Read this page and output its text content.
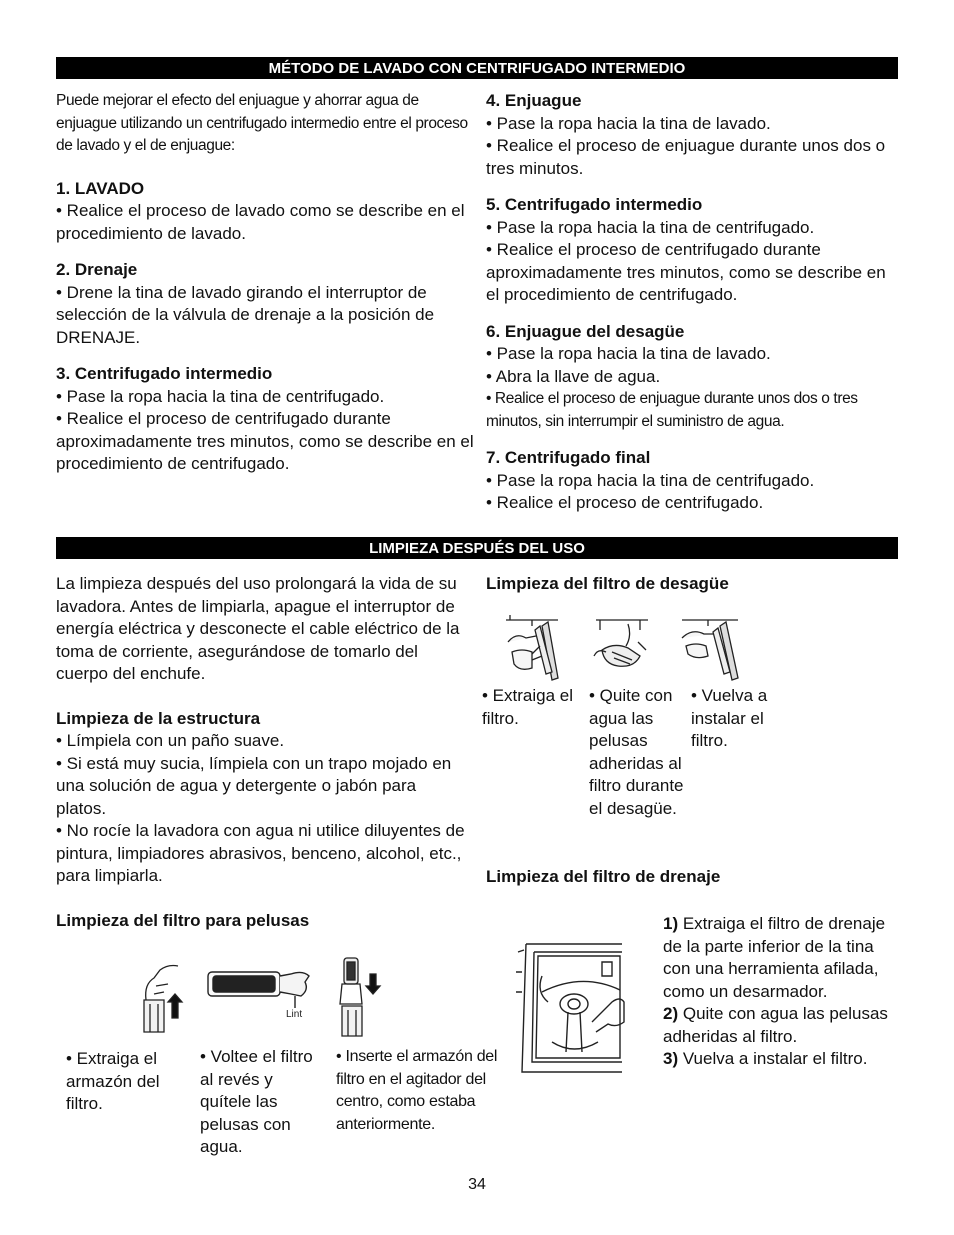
MÉTODO DE LAVADO CON CENTRIFUGADO INTERMEDIO

Puede mejorar el efecto del enjuague y ahorrar agua de enjuague utilizando un centrifugado intermedio entre el proceso de lavado y el de enjuague:

1. LAVADO

• Realice el proceso de lavado como se describe en el procedimiento de lavado.

2. Drenaje

• Drene la tina de lavado girando el interruptor de selección de la válvula de drenaje a la posición de DRENAJE.

3. Centrifugado intermedio

• Pase la ropa hacia la tina de centrifugado.

• Realice el proceso de centrifugado durante aproximadamente tres minutos, como se describe en el procedimiento de centrifugado.

4. Enjuague

• Pase la ropa hacia la tina de lavado.

• Realice el proceso de enjuague durante unos dos o tres minutos.

5. Centrifugado intermedio

• Pase la ropa hacia la tina de centrifugado.

• Realice el proceso de centrifugado durante aproximadamente tres minutos, como se describe en el procedimiento de centrifugado.

6. Enjuague del desagüe

• Pase la ropa hacia la tina de lavado.

• Abra la llave de agua.

• Realice el proceso de enjuague durante unos dos o tres minutos, sin interrumpir el suministro de agua.

7. Centrifugado final

• Pase la ropa hacia la tina de centrifugado.

• Realice el proceso de centrifugado.

LIMPIEZA DESPUÉS DEL USO

La limpieza después del uso prolongará la vida de su lavadora. Antes de limpiarla, apague el interruptor de energía eléctrica y desconecte el cable eléctrico de la toma de corriente, asegurándose de tomarlo del cuerpo del enchufe.

Limpieza de la estructura

• Límpiela con un paño suave.

• Si está muy sucia, límpiela con un trapo mojado en una solución de agua y detergente o jabón para platos.

• No rocíe la lavadora con agua ni utilice diluyentes de pintura, limpiadores abrasivos, benceno, alcohol, etc., para limpiarla.

Limpieza del filtro de desagüe
• Extraiga el filtro.
• Quite con agua las pelusas adheridas al filtro durante el desagüe.
• Vuelva a instalar el filtro.
Limpieza del filtro de drenaje
Limpieza del filtro para pelusas
Lint
• Extraiga el armazón del filtro.
• Voltee el filtro al revés y quítele las pelusas con agua.
• Inserte el armazón del filtro en el agitador del centro, como estaba anteriormente.

1) Extraiga el filtro de drenaje de la parte inferior de la tina con una herramienta afilada, como un desarmador.

2) Quite con agua las pelusas adheridas al filtro.

3) Vuelva a instalar el filtro.

34
